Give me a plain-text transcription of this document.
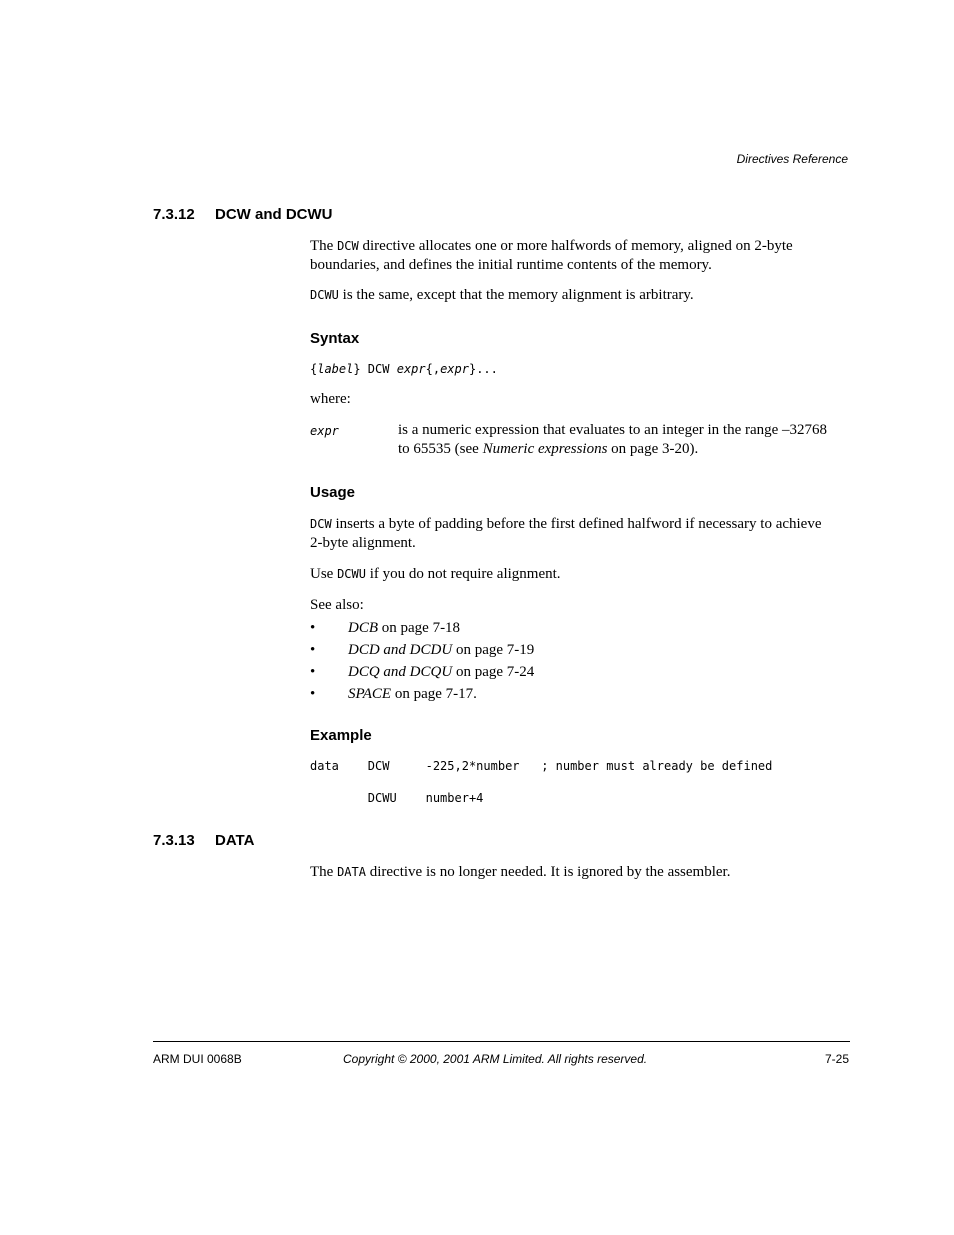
Directives Reference
7.3.12 DCW and DCWU
The DCW directive allocates one or more halfwords of memory, aligned on 2-byte
boundaries, and defines the initial runtime contents of the memory.
DCWU is the same, except that the memory alignment is arbitrary.
Syntax
{label} DCW expr{,expr}...
where:
expr	is a numeric expression that evaluates to an integer in the range –32768
to 65535 (see Numeric expressions on page 3-20).
Usage
DCW inserts a byte of padding before the first defined halfword if necessary to achieve
2-byte alignment.
Use DCWU if you do not require alignment.
See also:
• DCB on page 7-18
• DCD and DCDU on page 7-19
• DCQ and DCQU on page 7-24
• SPACE on page 7-17.
Example
data    DCW     -225,2*number   ; number must already be defined
DCWU    number+4
7.3.13 DATA
The DATA directive is no longer needed. It is ignored by the assembler.
ARM DUI 0068B	Copyright © 2000, 2001 ARM Limited. All rights reserved.	7-25
